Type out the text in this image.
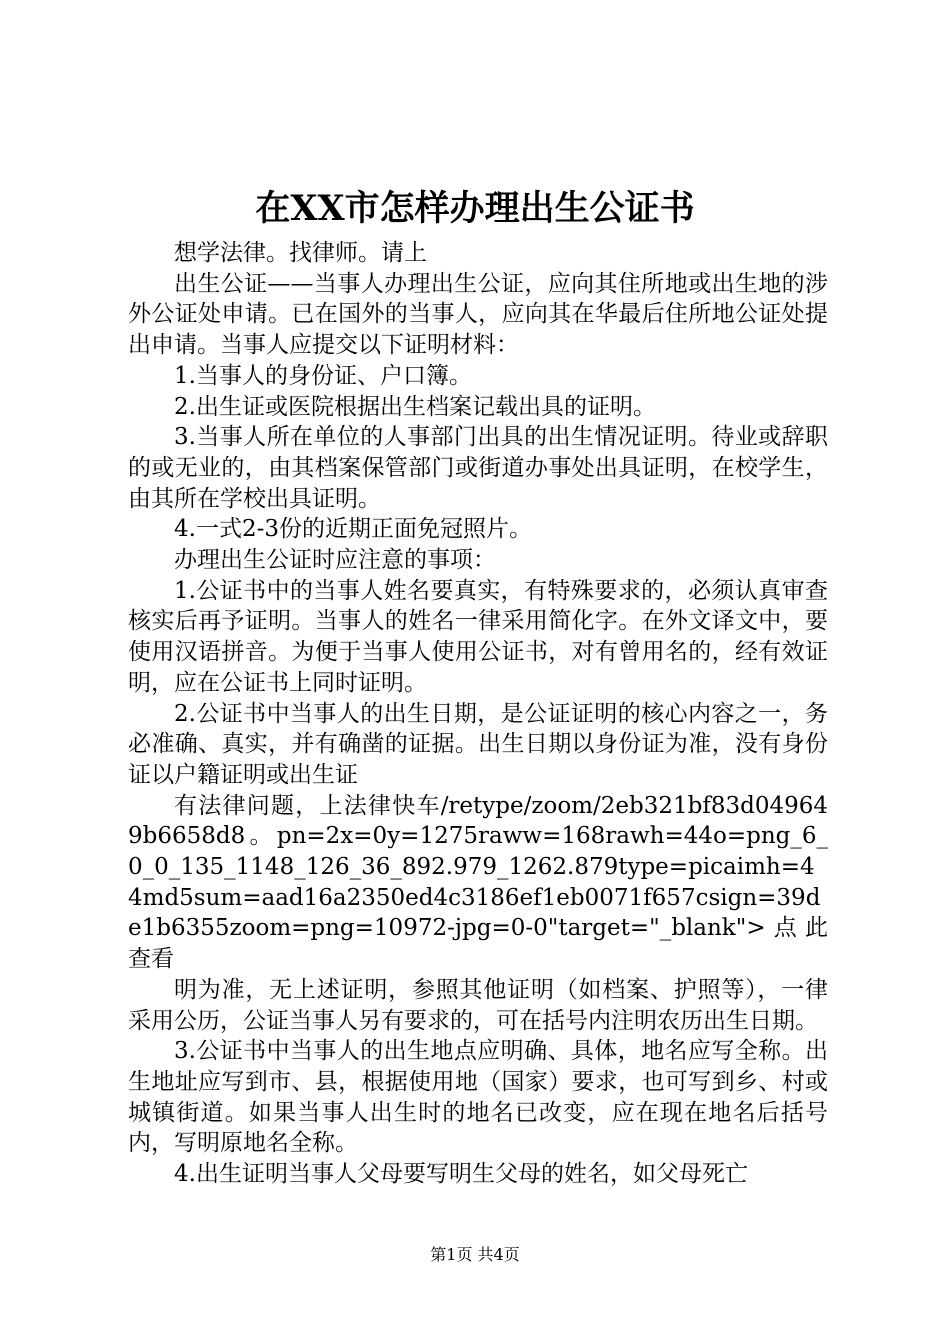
在XX市怎样办理出生公证书

想学法律。找律师。请上

出生公证——当事人办理出生公证，应向其住所地或出生地的涉外公证处申请。已在国外的当事人，应向其在华最后住所地公证处提出申请。当事人应提交以下证明材料：

1.当事人的身份证、户口簿。

2.出生证或医院根据出生档案记载出具的证明。

3.当事人所在单位的人事部门出具的出生情况证明。待业或辞职的或无业的，由其档案保管部门或街道办事处出具证明，在校学生，由其所在学校出具证明。

4.一式2-3份的近期正面免冠照片。

办理出生公证时应注意的事项：

1.公证书中的当事人姓名要真实，有特殊要求的，必须认真审查核实后再予证明。当事人的姓名一律采用简化字。在外文译文中，要使用汉语拼音。为便于当事人使用公证书，对有曾用名的，经有效证明，应在公证书上同时证明。

2.公证书中当事人的出生日期，是公证证明的核心内容之一，务必准确、真实，并有确凿的证据。出生日期以身份证为准，没有身份证以户籍证明或出生证

有法律问题，上法律快车/retype/zoom/2eb321bf83d049649b6658d8。pn=2x=0y=1275raww=168rawh=44o=png_6_0_0_135_1148_126_36_892.979_1262.879type=picaimh=44md5sum=aad16a2350ed4c3186ef1eb0071f657csign=39de1b6355zoom=png=10972-jpg=0-0"target="_blank">点此查看

明为准，无上述证明，参照其他证明（如档案、护照等），一律采用公历，公证当事人另有要求的，可在括号内注明农历出生日期。

3.公证书中当事人的出生地点应明确、具体，地名应写全称。出生地址应写到市、县，根据使用地（国家）要求，也可写到乡、村或城镇街道。如果当事人出生时的地名已改变，应在现在地名后括号内，写明原地名全称。

4.出生证明当事人父母要写明生父母的姓名，如父母死亡

第1页 共4页
